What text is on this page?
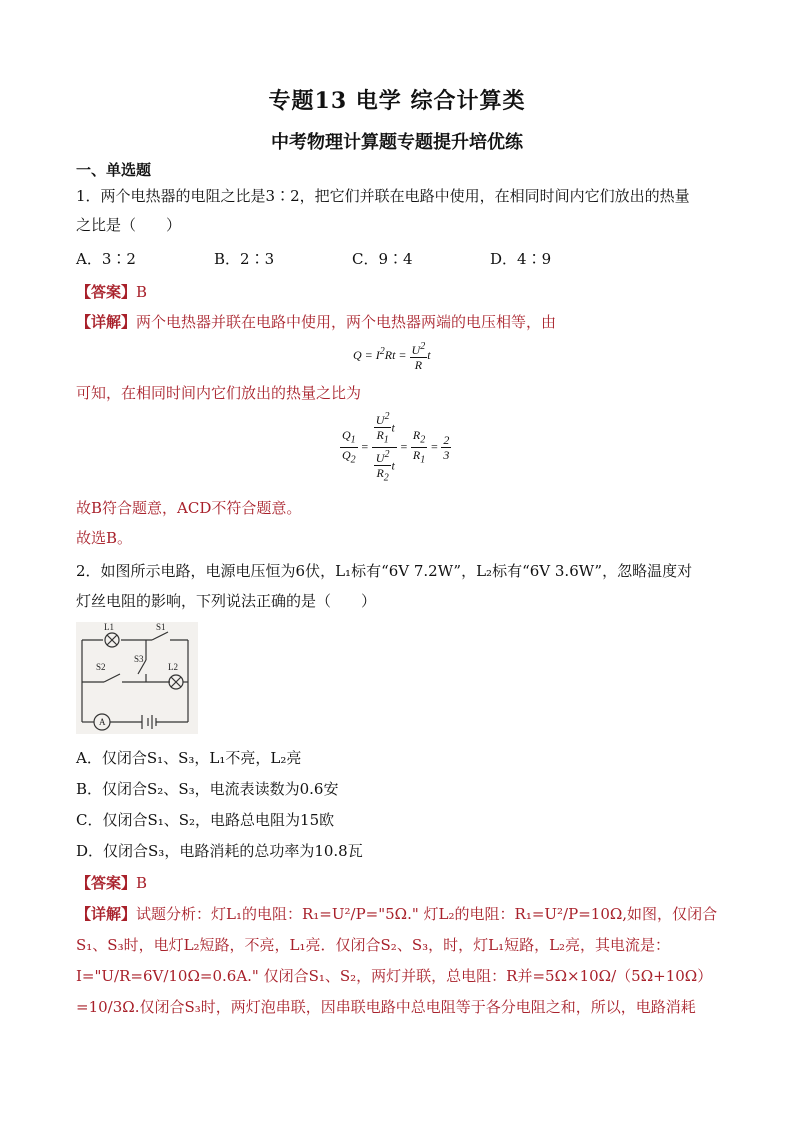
专题13 电学 综合计算类
中考物理计算题专题提升培优练
一、单选题
1．两个电热器的电阻之比是3∶2，把它们并联在电路中使用，在相同时间内它们放出的热量
之比是（　　）
A．3∶2	B．2∶3	C．9∶4	D．4∶9
【答案】B
【详解】两个电热器并联在电路中使用，两个电热器两端的电压相等，由
$Q = I^2Rt = \frac{U^2}{R}$ t
可知，在相同时间内它们放出的热量之比为
$\frac{Q_1}{Q_2} = \frac{\frac{U^2}{R_1} t}{\frac{U^2}{R_2} t} = \frac{R_2}{R_1} = \frac{2}{3}$
故B符合题意，ACD不符合题意。
故选B。
2．如图所示电路，电源电压恒为6伏，L₁标有“6V 7.2W”，L₂标有“6V 3.6W”，忽略温度对
灯丝电阻的影响，下列说法正确的是（　　）
L1	S1
S3
L2
S2
A
A．仅闭合S₁、S₃，L₁不亮，L₂亮
B．仅闭合S₂、S₃，电流表读数为0.6安
C．仅闭合S₁、S₂，电路总电阻为15欧
D．仅闭合S₃，电路消耗的总功率为10.8瓦
【答案】B
【详解】试题分析：灯L₁的电阻：R₁=U²/P="5Ω." 灯L₂的电阻：R₁=U²/P=10Ω,如图，仅闭合
S₁、S₃时，电灯L₂短路，不亮，L₁亮．仅闭合S₂、S₃，时，灯L₁短路，L₂亮，其电流是：
I="U/R=6V/10Ω=0.6A." 仅闭合S₁、S₂，两灯并联，总电阻：R并=5Ω×10Ω/（5Ω+10Ω）
=10/3Ω.仅闭合S₃时，两灯泡串联，因串联电路中总电阻等于各分电阻之和，所以，电路消耗
